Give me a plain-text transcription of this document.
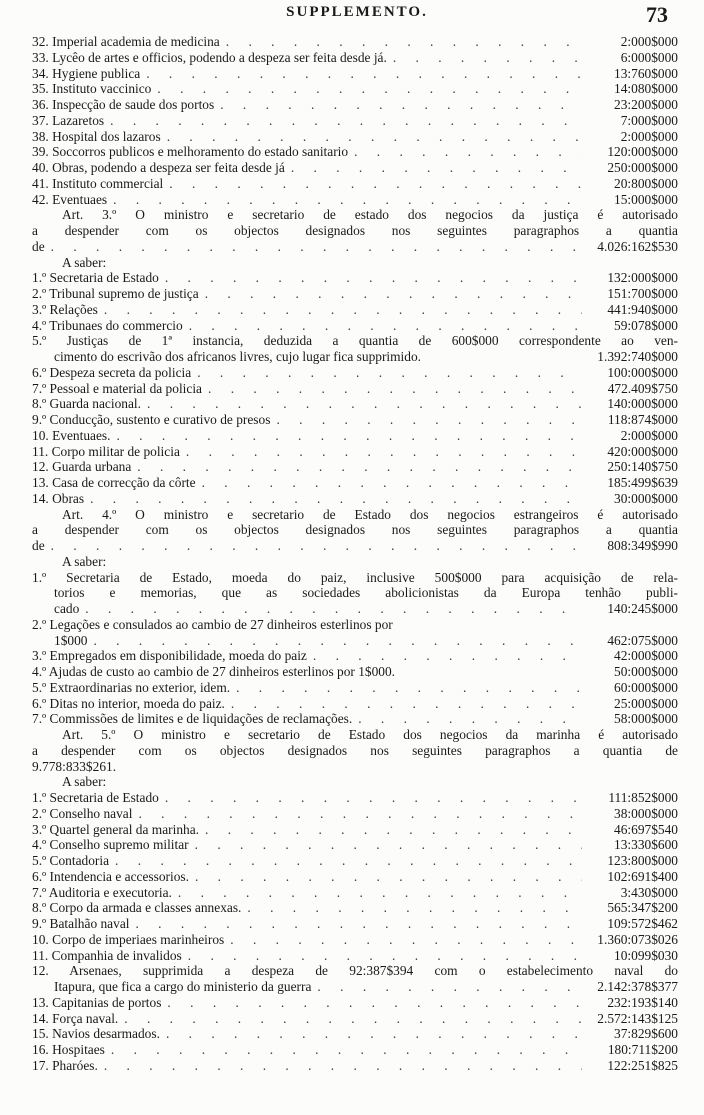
SUPPLEMENTO.	73
32. Imperial academia de medicina . . .	2:000$000
33. Lycêo de artes e officios, podendo a despeza ser feita desde já. . . .	6:000$000
34. Hygiene publica . . .	13:760$000
35. Instituto vaccinico . . .	14:080$000
36. Inspecção de saude dos portos . . .	23:200$000
37. Lazaretos . . .	7:000$000
38. Hospital dos lazaros . . .	2:000$000
39. Soccorros publicos e melhoramento do estado sanitario . . .	120:000$000
40. Obras, podendo a despeza ser feita desde já . . .	250:000$000
41. Instituto commercial . . .	20:800$000
42. Eventuaes . . .	15:000$000
Art. 3.º O ministro e secretario de estado dos negocios da justiça é autorisado
a despender com os objectos designados nos seguintes paragraphos a quantia
de . . .	4.026:162$530
A saber:
1.º Secretaria de Estado . . .	132:000$000
2.º Tribunal supremo de justiça . . .	151:700$000
3.º Relações . . .	441:940$000
4.º Tribunaes do commercio . . .	59:078$000
5.º Justiças de 1ª instancia, deduzida a quantia de 600$000 correspondente ao ven-
cimento do escrivão dos africanos livres, cujo lugar fica supprimido.	1.392:740$000
6.º Despeza secreta da policia . . .	100:000$000
7.º Pessoal e material da policia . . .	472.409$750
8.º Guarda nacional. . . .	140:000$000
9.º Conducção, sustento e curativo de presos . . .	118:874$000
10. Eventuaes. . . .	2:000$000
11. Corpo militar de policia . . .	420:000$000
12. Guarda urbana . . .	250:140$750
13. Casa de correcção da côrte . . .	185:499$639
14. Obras . . .	30:000$000
Art. 4.º O ministro e secretario de Estado dos negocios estrangeiros é autorisado
a despender com os objectos designados nos seguintes paragraphos a quantia
de . . .	808:349$990
A saber:
1.º Secretaria de Estado, moeda do paiz, inclusive 500$000 para acquisição de rela-
torios e memorias, que as sociedades abolicionistas da Europa tenhão publi-
cado . . .	140:245$000
2.º Legações e consulados ao cambio de 27 dinheiros esterlinos por
1$000 . . .	462:075$000
3.º Empregados em disponibilidade, moeda do paiz . . .	42:000$000
4.º Ajudas de custo ao cambio de 27 dinheiros esterlinos por 1$000.	50:000$000
5.º Extraordinarias no exterior, idem. . . .	60:000$000
6.º Ditas no interior, moeda do paiz. . . .	25:000$000
7.º Commissões de limites e de liquidações de reclamações. . . .	58:000$000
Art. 5.º O ministro e secretario de Estado dos negocios da marinha é autorisado
a despender com os objectos designados nos seguintes paragraphos a quantia de
9.778:833$261.
A saber:
1.º Secretaria de Estado . . .	111:852$000
2.º Conselho naval . . .	38:000$000
3.º Quartel general da marinha. . . .	46:697$540
4.º Conselho supremo militar . . .	13:330$600
5.º Contadoria . . .	123:800$000
6.º Intendencia e accessorios. . . .	102:691$400
7.º Auditoria e executoria. . . .	3:430$000
8.º Corpo da armada e classes annexas. . . .	565:347$200
9.º Batalhão naval . . .	109:572$462
10. Corpo de imperiaes marinheiros . . .	1.360:073$026
11. Companhia de invalidos . . .	10:099$030
12. Arsenaes, supprimida a despeza de 92:387$394 com o estabelecimento naval do
Itapura, que fica a cargo do ministerio da guerra . . .	2.142:378$377
13. Capitanias de portos . . .	232:193$140
14. Força naval. . . .	2.572:143$125
15. Navios desarmados. . . .	37:829$600
16. Hospitaes . . .	180:711$200
17. Pharóes. . . .	122:251$825
